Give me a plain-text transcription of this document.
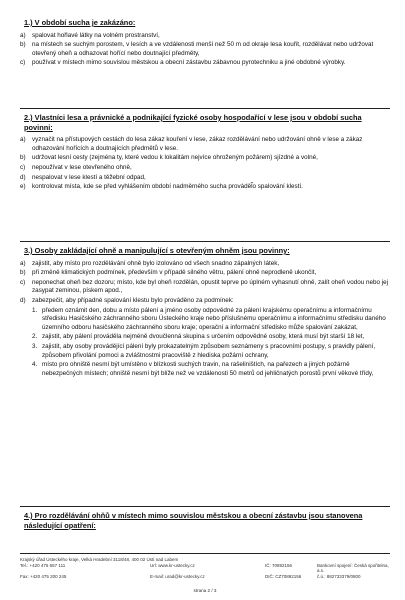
1.) V období sucha je zakázáno:
a)	spalovat hořlavé látky na volném prostranství,
b)	na místech se suchým porostem, v lesích a ve vzdálenosti menší než 50 m od okraje lesa kouřit, rozdělávat nebo udržovat otevřený oheň a odhazovat hořící nebo doutnající předměty,
c)	používat v místech mimo souvislou městskou a obecní zástavbu zábavnou pyrotechniku a jiné obdobné výrobky.
2.) Vlastníci lesa a právnické a podnikající fyzické osoby hospodařící v lese jsou v období sucha povinni:
a)	vyznačit na přístupových cestách do lesa zákaz kouření v lese, zákaz rozdělávání nebo udržování ohně v lese a zákaz odhazování hořících a doutnajících předmětů v lese.
b)	udržovat lesní cesty (zejména ty, které vedou k lokalitám nejvíce ohroženým požárem) sjízdné a volné,
c)	nepoužívat v lese otevřeného ohně,
d)	nespalovat v lese klestí a těžební odpad,
e)	kontrolovat místa, kde se před vyhlášením období nadměrného sucha prováděl̃o spalování klestí.
3.) Osoby zakládající ohně a manipulující s otevřeným ohněm jsou povinny:
a)	zajistit, aby místo pro rozdělávání ohně bylo izolováno od všech snadno zápalných látek,
b)	při změně klimatických podmínek, především v případě silného větru, pálení ohně neprodleně ukončit,
c)	neponechat oheň bez dozoru; místo, kde byl oheň rozdělán, opustit teprve po úplném vyhasnutí ohně, zalít oheň vodou nebo jej zasypat zeminou, pískem apod.,
d)	zabezpečit, aby případné spalování klestu bylo prováděno za podmínek:
1. předem oznámit den, dobu a místo pálení a jméno osoby odpovědné za pálení krajskému operačnímu a informačnímu středisku Hasičského záchranného sboru Ústeckého kraje nebo příslušnému operačnímu a informačnímu středisku daného územního odboru hasičského záchranného sboru kraje; operační a informační středisko může spalování zakázat,
2. zajistit, aby pálení prováděla nejméně dvoučlenná skupina s určením odpovědné osoby, která musí být starší 18 let,
3. zajistit, aby osoby provádějící pálení byly prokazatelným způsobem seznámeny s pracovními postupy, s pravidly pálení, způsobem přivolání pomoci a zvláštnostmi pracoviště z hlediska požární ochrany,
4. místo pro ohniště nesmí být umístěno v blízkosti suchých travin, na rašeliništích, na pařezech a jiných požárně nebezpečných místech; ohniště nesmí být blíže než ve vzdálenosti 50 metrů od jehličnatých porostů první věkové třídy,
4.) Pro rozdělávání ohňů v místech mimo souvislou městskou a obecní zástavbu jsou stanovena následující opatření:
Krajský úřad Ústeckého kraje, Velká Hradební 3118/48, 400 02 Ústí nad Labem
Tel.: +420 475 657 111	Url: www.kr-ustecky.cz	IČ: 70892156	Bankovní spojení: Česká spořitelna, a.s.
Fax: +420 475 200 245	E-mail: urad@kr-ustecky.cz	DIČ: CZ70892156	č.ú.: 882733379/0800
strana 2 / 3
